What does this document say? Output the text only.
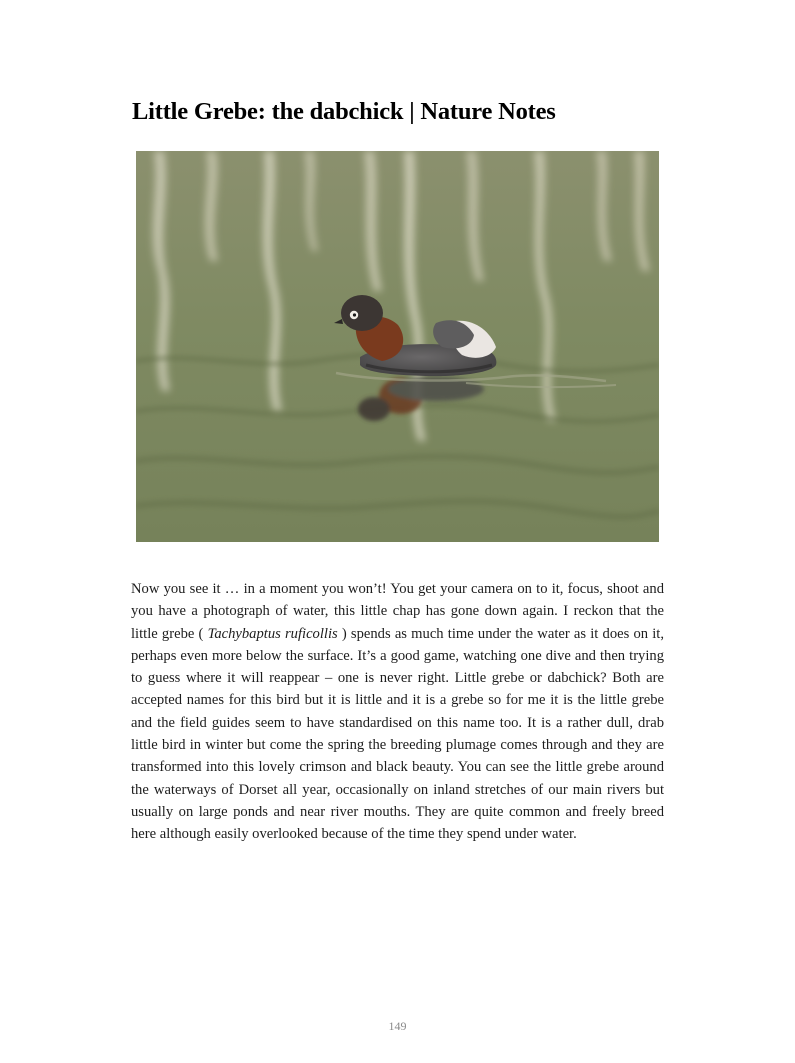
Little Grebe: the dabchick | Nature Notes

Now you see it … in a moment you won’t! You get your camera on to it, focus, shoot and you have a photograph of water, this little chap has gone down again. I reckon that the little grebe ( Tachybaptus ruficollis ) spends as much time under the water as it does on it, perhaps even more below the surface. It’s a good game, watching one dive and then trying to guess where it will reappear – one is never right. Little grebe or dabchick? Both are accepted names for this bird but it is little and it is a grebe so for me it is the little grebe and the field guides seem to have standardised on this name too. It is a rather dull, drab little bird in winter but come the spring the breeding plumage comes through and they are transformed into this lovely crimson and black beauty. You can see the little grebe around the waterways of Dorset all year, occasionally on inland stretches of our main rivers but usually on large ponds and near river mouths. They are quite common and freely breed here although easily overlooked because of the time they spend under water.

149
